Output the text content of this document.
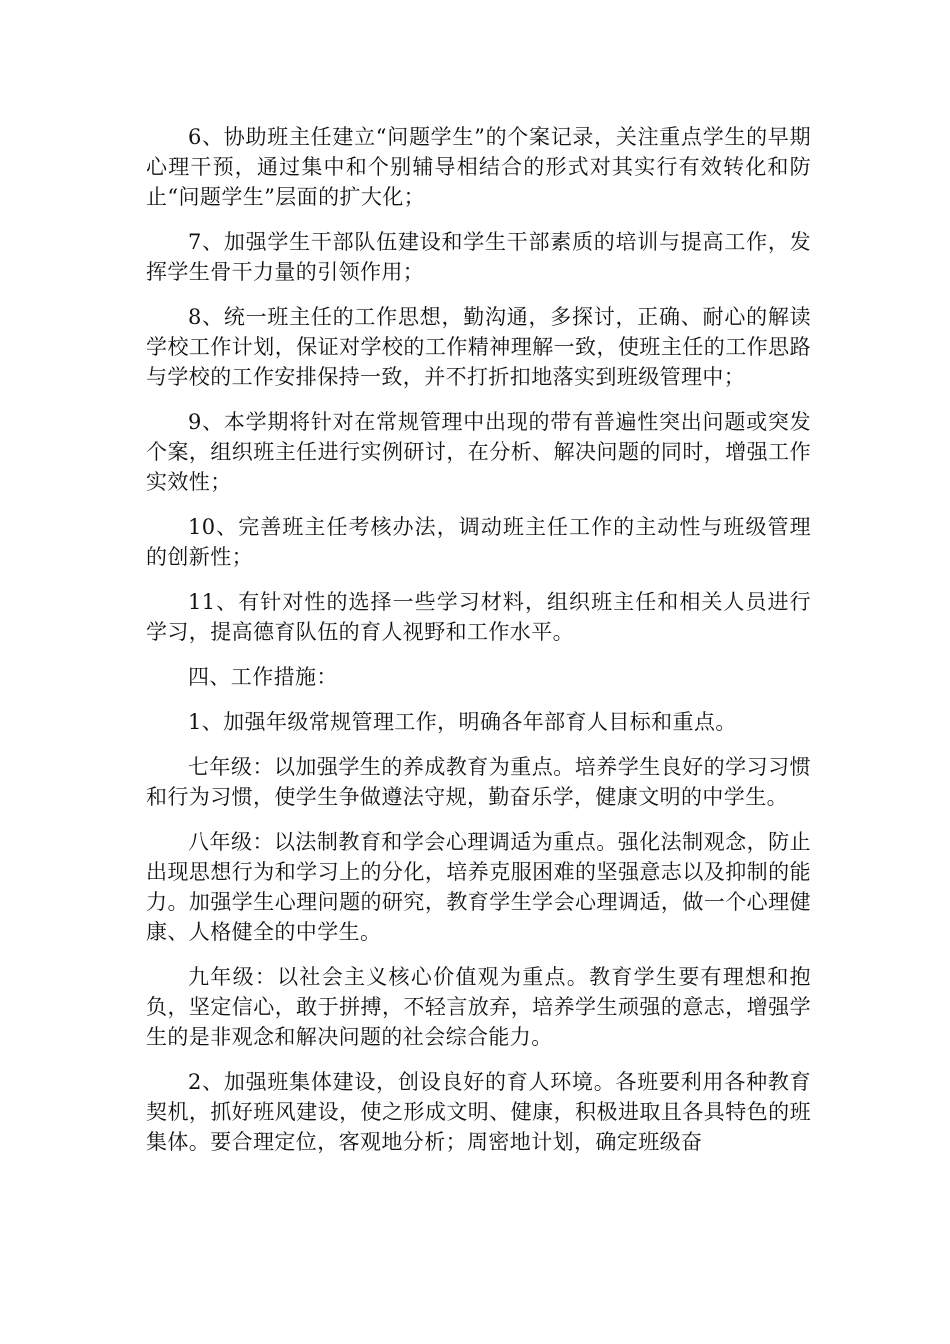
6、协助班主任建立“问题学生”的个案记录，关注重点学生的早期心理干预，通过集中和个别辅导相结合的形式对其实行有效转化和防止“问题学生”层面的扩大化；

7、加强学生干部队伍建设和学生干部素质的培训与提高工作，发挥学生骨干力量的引领作用；

8、统一班主任的工作思想，勤沟通，多探讨，正确、耐心的解读学校工作计划，保证对学校的工作精神理解一致，使班主任的工作思路与学校的工作安排保持一致，并不打折扣地落实到班级管理中；

9、本学期将针对在常规管理中出现的带有普遍性突出问题或突发个案，组织班主任进行实例研讨，在分析、解决问题的同时，增强工作实效性；

10、完善班主任考核办法，调动班主任工作的主动性与班级管理的创新性；

11、有针对性的选择一些学习材料，组织班主任和相关人员进行学习，提高德育队伍的育人视野和工作水平。

四、工作措施：

1、加强年级常规管理工作，明确各年部育人目标和重点。

七年级：以加强学生的养成教育为重点。培养学生良好的学习习惯和行为习惯，使学生争做遵法守规，勤奋乐学，健康文明的中学生。

八年级：以法制教育和学会心理调适为重点。强化法制观念，防止出现思想行为和学习上的分化，培养克服困难的坚强意志以及抑制的能力。加强学生心理问题的研究，教育学生学会心理调适，做一个心理健康、人格健全的中学生。

九年级：以社会主义核心价值观为重点。教育学生要有理想和抱负，坚定信心，敢于拼搏，不轻言放弃，培养学生顽强的意志，增强学生的是非观念和解决问题的社会综合能力。

2、加强班集体建设，创设良好的育人环境。各班要利用各种教育契机，抓好班风建设，使之形成文明、健康，积极进取且各具特色的班集体。要合理定位，客观地分析；周密地计划，确定班级奋
